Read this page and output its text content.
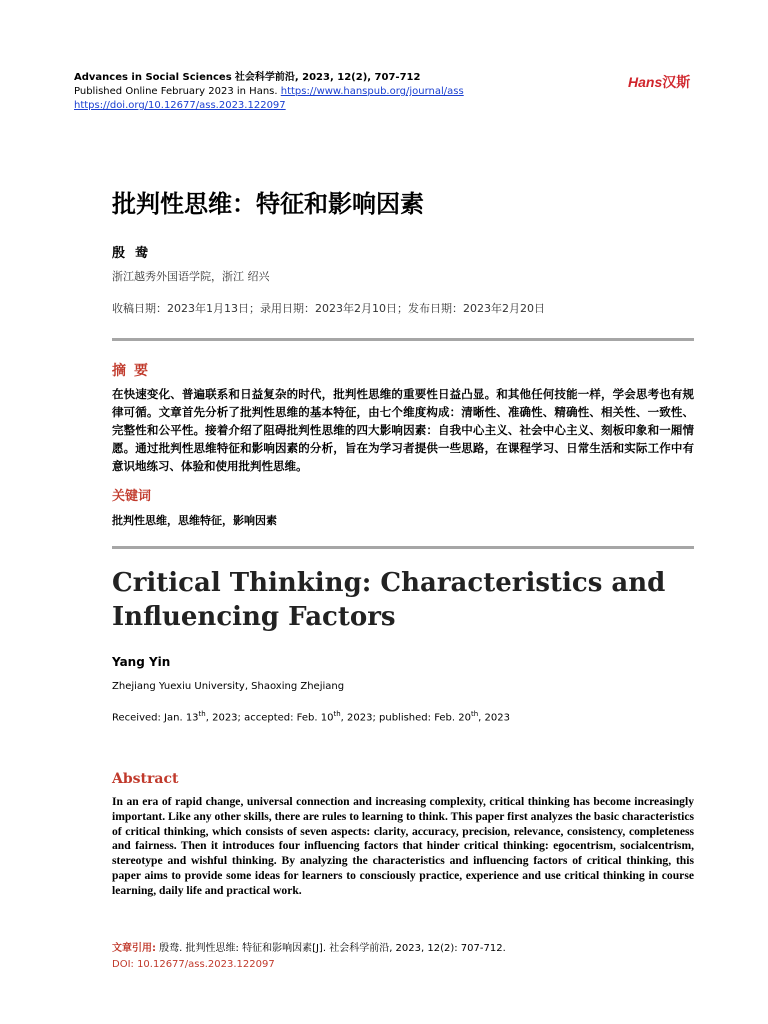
Advances in Social Sciences 社会科学前沿, 2023, 12(2), 707-712
Published Online February 2023 in Hans. https://www.hanspub.org/journal/ass
https://doi.org/10.12677/ass.2023.122097
Hans汉斯
批判性思维：特征和影响因素
殷鸯
浙江越秀外国语学院，浙江 绍兴
收稿日期：2023年1月13日；录用日期：2023年2月10日；发布日期：2023年2月20日
摘要
在快速变化、普遍联系和日益复杂的时代，批判性思维的重要性日益凸显。和其他任何技能一样，学会思考也有规律可循。文章首先分析了批判性思维的基本特征，由七个维度构成：清晰性、准确性、精确性、相关性、一致性、完整性和公平性。接着介绍了阻碍批判性思维的四大影响因素：自我中心主义、社会中心主义、刻板印象和一厢情愿。通过批判性思维特征和影响因素的分析，旨在为学习者提供一些思路，在课程学习、日常生活和实际工作中有意识地练习、体验和使用批判性思维。
关键词
批判性思维，思维特征，影响因素
Critical Thinking: Characteristics and Influencing Factors
Yang Yin
Zhejiang Yuexiu University, Shaoxing Zhejiang
Received: Jan. 13th, 2023; accepted: Feb. 10th, 2023; published: Feb. 20th, 2023
Abstract
In an era of rapid change, universal connection and increasing complexity, critical thinking has become increasingly important. Like any other skills, there are rules to learning to think. This paper first analyzes the basic characteristics of critical thinking, which consists of seven aspects: clarity, accuracy, precision, relevance, consistency, completeness and fairness. Then it introduces four influencing factors that hinder critical thinking: egocentrism, socialcentrism, stereotype and wishful thinking. By analyzing the characteristics and influencing factors of critical thinking, this paper aims to provide some ideas for learners to consciously practice, experience and use critical thinking in course learning, daily life and practical work.
文章引用: 殷鸯. 批判性思维: 特征和影响因素[J]. 社会科学前沿, 2023, 12(2): 707-712.
DOI: 10.12677/ass.2023.122097
